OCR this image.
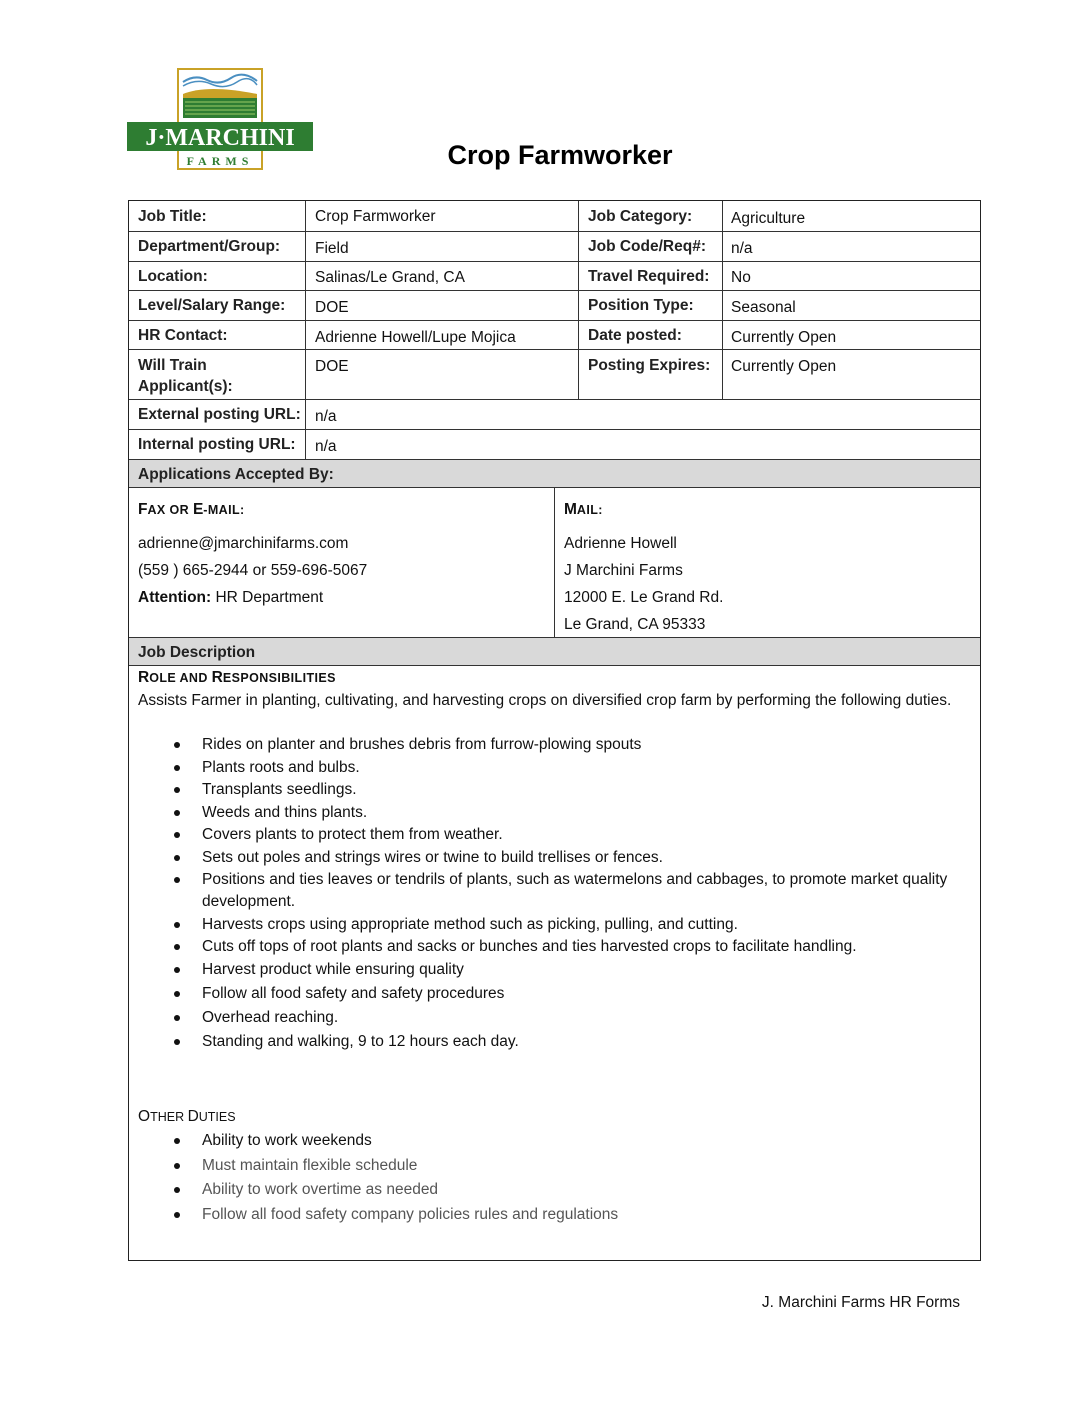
J·MARCHINI
FARMS	Crop Farmworker
Job Title:	Crop Farmworker	Job Category:	Agriculture
Department/Group: Field	Job Code/Req#: n/a
Location:	Salinas/Le Grand, CA	Travel Required: No
Level/Salary Range: DOE	Position Type: Seasonal
HR Contact:	Adrienne Howell/Lupe Mojica	Date posted:	Currently Open
Will Train
Applicant(s):
DOE	Posting Expires: Currently Open
External posting URL: n/a
Internal posting URL: n/a
Applications Accepted By:
FAX OR E-MAIL:
adrienne@jmarchinifarms.com
(559 ) 665-2944 or 559-696-5067
Attention: HR Department
MAIL:
Adrienne Howell
J Marchini Farms
12000 E. Le Grand Rd.
Le Grand, CA 95333
Job Description
ROLE AND RESPONSIBILITIES
Assists Farmer in planting, cultivating, and harvesting crops on diversified crop farm by performing the following duties.
Rides on planter and brushes debris from furrow-plowing spouts
Plants roots and bulbs.
Transplants seedlings.
Weeds and thins plants.
Covers plants to protect them from weather.
Sets out poles and strings wires or twine to build trellises or fences.
Positions and ties leaves or tendrils of plants, such as watermelons and cabbages, to promote market quality development.
Harvests crops using appropriate method such as picking, pulling, and cutting.
Cuts off tops of root plants and sacks or bunches and ties harvested crops to facilitate handling.
Harvest product while ensuring quality
Follow all food safety and safety procedures
Overhead reaching.
Standing and walking, 9 to 12 hours each day.
OTHER DUTIES
Ability to work weekends
Must maintain flexible schedule
Ability to work overtime as needed
Follow all food safety company policies rules and regulations
J. Marchini Farms HR Forms
